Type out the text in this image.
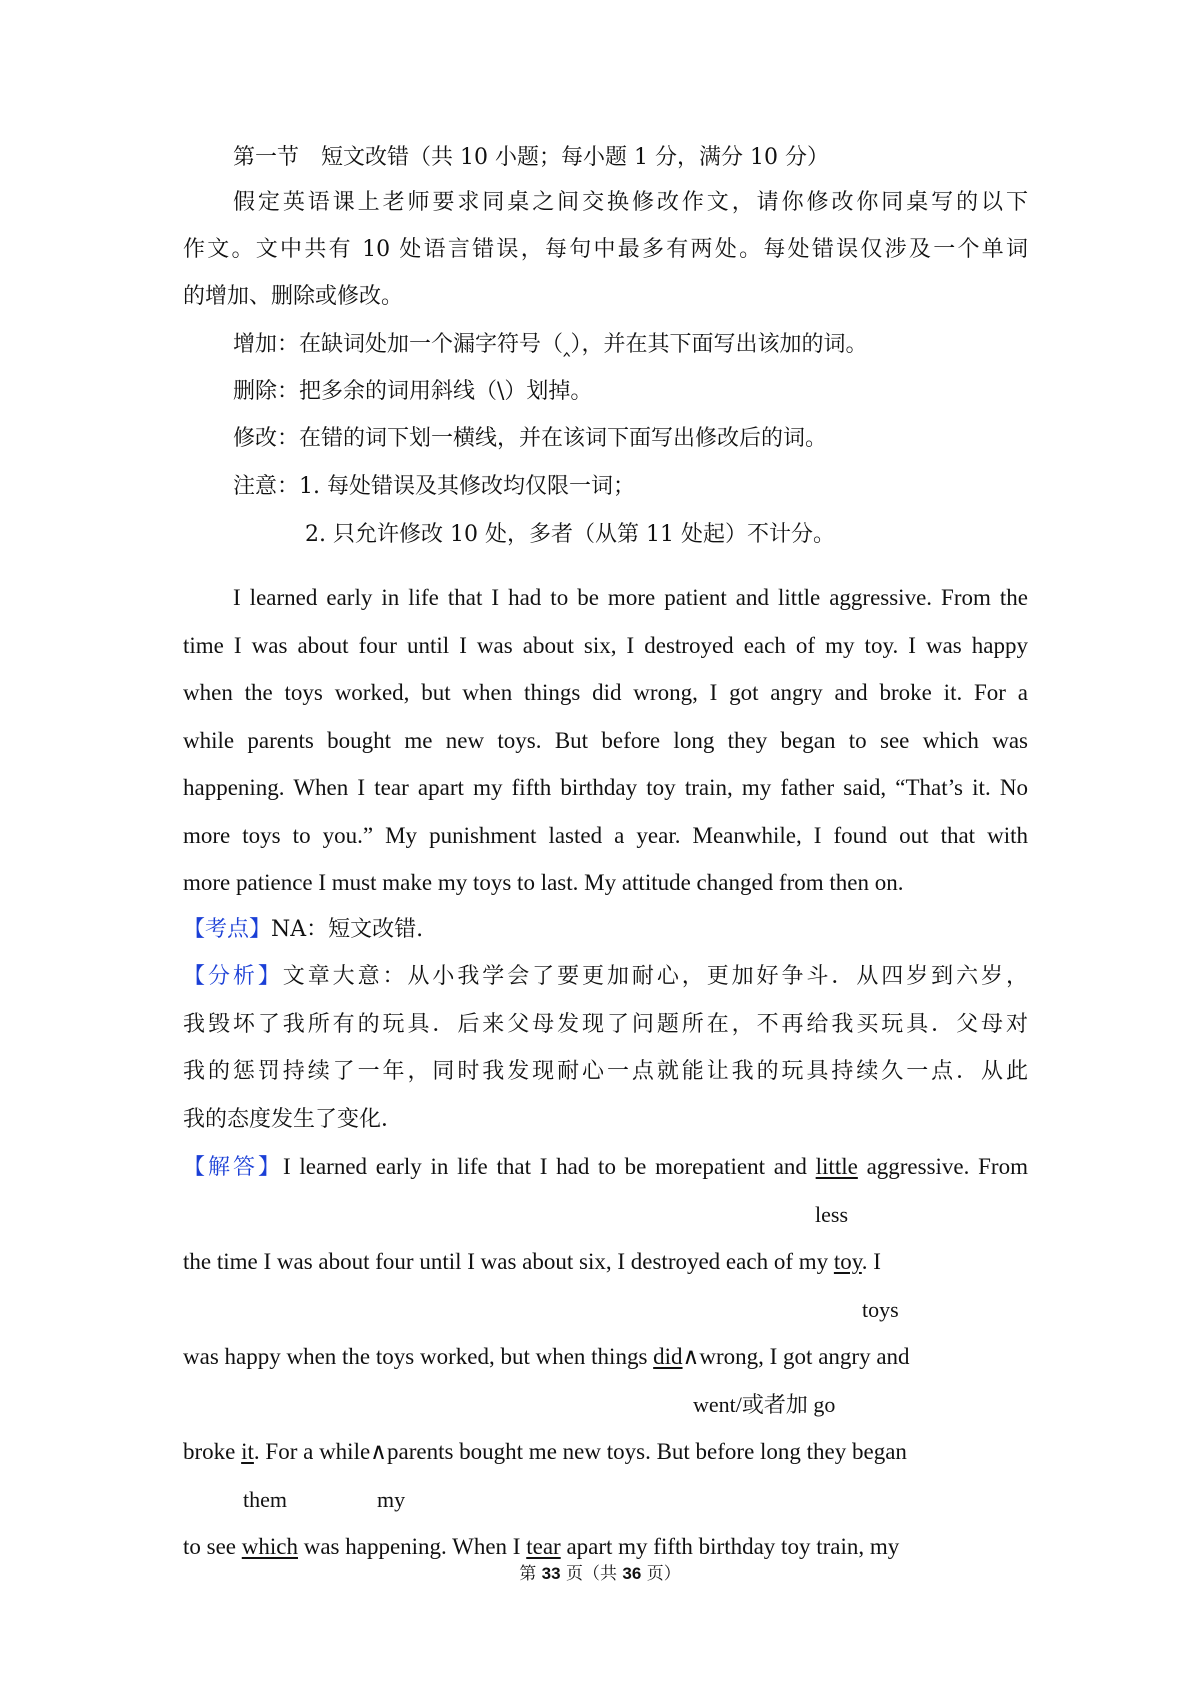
第一节　短文改错（共 10 小题；每小题 1 分，满分 10 分）
假定英语课上老师要求同桌之间交换修改作文，请你修改你同桌写的以下
作文。文中共有 10 处语言错误，每句中最多有两处。每处错误仅涉及一个单词
的增加、删除或修改。
增加：在缺词处加一个漏字符号（‸），并在其下面写出该加的词。
删除：把多余的词用斜线（\）划掉。
修改：在错的词下划一横线，并在该词下面写出修改后的词。
注意：1. 每处错误及其修改均仅限一词；
2. 只允许修改 10 处，多者（从第 11 处起）不计分。
I learned early in life that I had to be more patient and little aggressive. From the
time I was about four until I was about six, I destroyed each of my toy. I was happy
when the toys worked, but when things did wrong, I got angry and broke it. For a
while parents bought me new toys. But before long they began to see which was
happening. When I tear apart my fifth birthday toy train, my father said, “That’s it. No
more toys to you.” My punishment lasted a year. Meanwhile, I found out that with
more patience I must make my toys to last. My attitude changed from then on.
【考点】NA：短文改错.
【分析】文章大意：从小我学会了要更加耐心，更加好争斗．从四岁到六岁，
我毁坏了我所有的玩具．后来父母发现了问题所在，不再给我买玩具．父母对
我的惩罚持续了一年，同时我发现耐心一点就能让我的玩具持续久一点．从此
我的态度发生了变化．
【解答】I learned early in life that I had to be morepatient and little aggressive. From
less
the time I was about four until I was about six, I destroyed each of my toy. I
toys
was happy when the toys worked, but when things did∧wrong, I got angry and
went/或者加 go
broke it. For a while∧parents bought me new toys. But before long they began
them	my
to see which was happening. When I tear apart my fifth birthday toy train, my
第 33 页（共 36 页）
